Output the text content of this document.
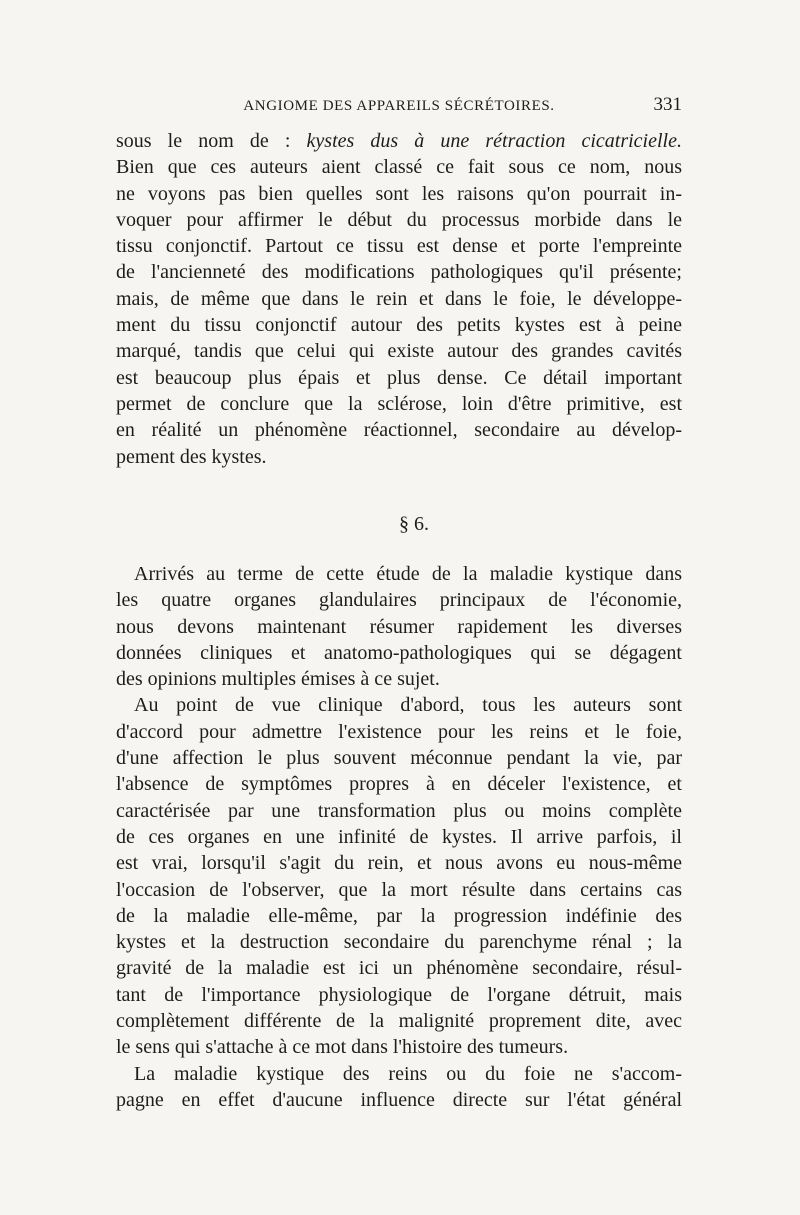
ANGIOME DES APPAREILS SÉCRÉTOIRES.	331
sous le nom de : kystes dus à une rétraction cicatricielle.
Bien que ces auteurs aient classé ce fait sous ce nom, nous
ne voyons pas bien quelles sont les raisons qu'on pourrait in-
voquer pour affirmer le début du processus morbide dans le
tissu conjonctif. Partout ce tissu est dense et porte l'empreinte
de l'ancienneté des modifications pathologiques qu'il présente;
mais, de même que dans le rein et dans le foie, le développe-
ment du tissu conjonctif autour des petits kystes est à peine
marqué, tandis que celui qui existe autour des grandes cavités
est beaucoup plus épais et plus dense. Ce détail important
permet de conclure que la sclérose, loin d'être primitive, est
en réalité un phénomène réactionnel, secondaire au dévelop-
pement des kystes.
§ 6.
Arrivés au terme de cette étude de la maladie kystique dans
les quatre organes glandulaires principaux de l'économie,
nous devons maintenant résumer rapidement les diverses
données cliniques et anatomo-pathologiques qui se dégagent
des opinions multiples émises à ce sujet.
Au point de vue clinique d'abord, tous les auteurs sont
d'accord pour admettre l'existence pour les reins et le foie,
d'une affection le plus souvent méconnue pendant la vie, par
l'absence de symptômes propres à en déceler l'existence, et
caractérisée par une transformation plus ou moins complète
de ces organes en une infinité de kystes. Il arrive parfois, il
est vrai, lorsqu'il s'agit du rein, et nous avons eu nous-même
l'occasion de l'observer, que la mort résulte dans certains cas
de la maladie elle-même, par la progression indéfinie des
kystes et la destruction secondaire du parenchyme rénal ; la
gravité de la maladie est ici un phénomène secondaire, résul-
tant de l'importance physiologique de l'organe détruit, mais
complètement différente de la malignité proprement dite, avec
le sens qui s'attache à ce mot dans l'histoire des tumeurs.
La maladie kystique des reins ou du foie ne s'accom-
pagne en effet d'aucune influence directe sur l'état général
